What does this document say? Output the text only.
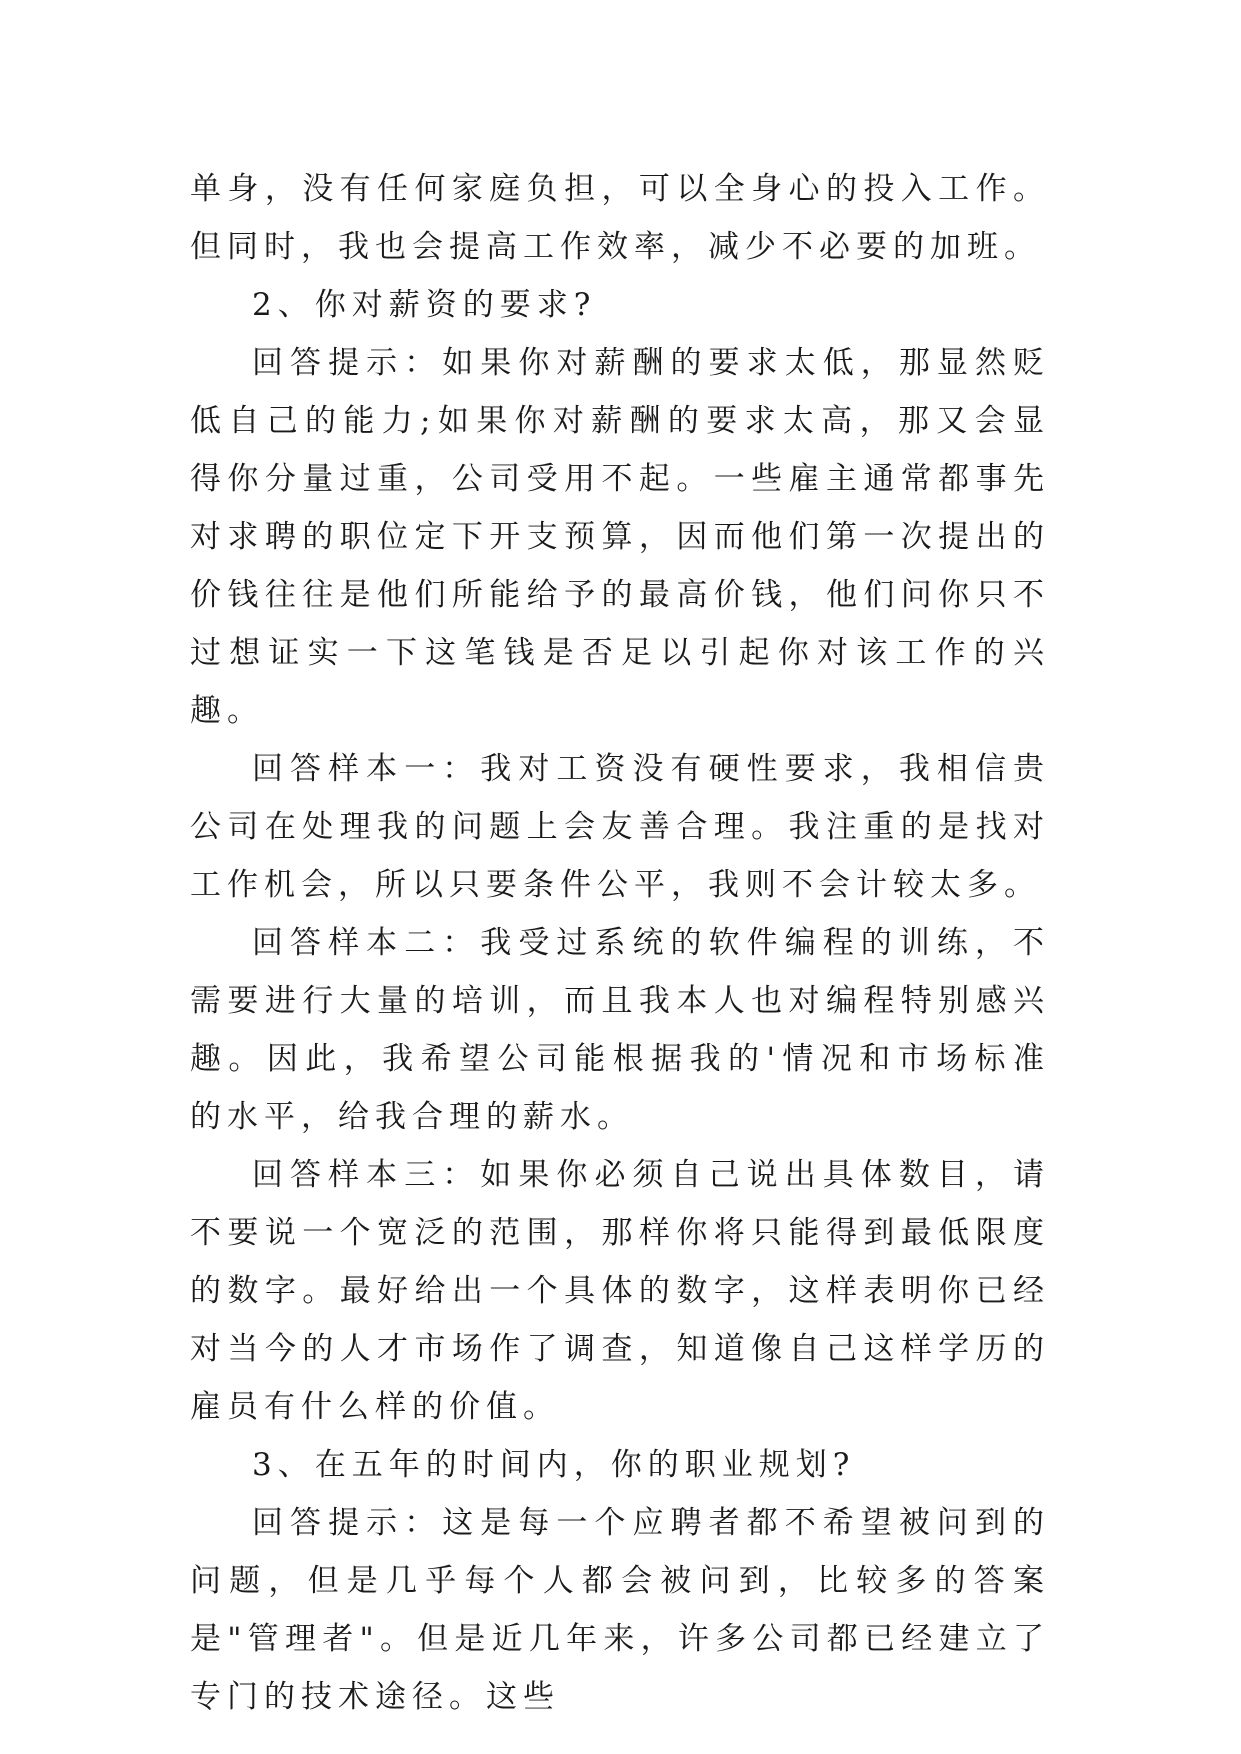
单身，没有任何家庭负担，可以全身心的投入工作。但同时，我也会提高工作效率，减少不必要的加班。

2、你对薪资的要求?

回答提示：如果你对薪酬的要求太低，那显然贬低自己的能力;如果你对薪酬的要求太高，那又会显得你分量过重，公司受用不起。一些雇主通常都事先对求聘的职位定下开支预算，因而他们第一次提出的价钱往往是他们所能给予的最高价钱，他们问你只不过想证实一下这笔钱是否足以引起你对该工作的兴趣。

回答样本一：我对工资没有硬性要求，我相信贵公司在处理我的问题上会友善合理。我注重的是找对工作机会，所以只要条件公平，我则不会计较太多。

回答样本二：我受过系统的软件编程的训练，不需要进行大量的培训，而且我本人也对编程特别感兴趣。因此，我希望公司能根据我的'情况和市场标准的水平，给我合理的薪水。

回答样本三：如果你必须自己说出具体数目，请不要说一个宽泛的范围，那样你将只能得到最低限度的数字。最好给出一个具体的数字，这样表明你已经对当今的人才市场作了调查，知道像自己这样学历的雇员有什么样的价值。

3、在五年的时间内，你的职业规划?

回答提示：这是每一个应聘者都不希望被问到的问题，但是几乎每个人都会被问到，比较多的答案是"管理者"。但是近几年来，许多公司都已经建立了专门的技术途径。这些
